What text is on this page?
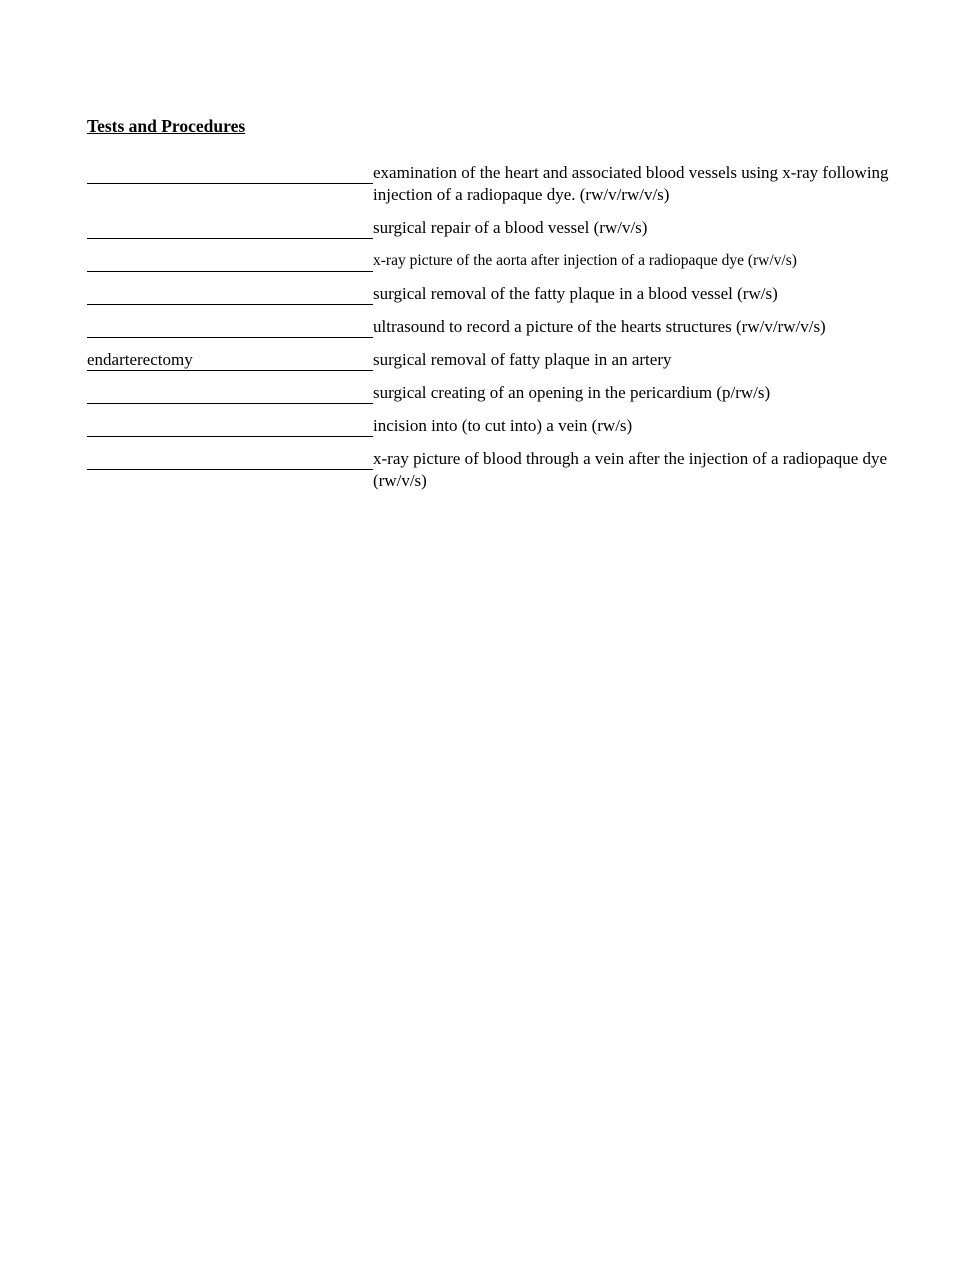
Tests and Procedures
examination of the heart and associated blood vessels using x-ray following injection of a radiopaque dye. (rw/v/rw/v/s)
surgical repair of a blood vessel (rw/v/s)
x-ray picture of the aorta after injection of a radiopaque dye (rw/v/s)
surgical removal of the fatty plaque in a blood vessel (rw/s)
ultrasound to record a picture of the hearts structures (rw/v/rw/v/s)
endarterectomy	surgical removal of fatty plaque in an artery
surgical creating of an opening in the pericardium (p/rw/s)
incision into (to cut into) a vein (rw/s)
x-ray picture of blood through a vein after the injection of a radiopaque dye (rw/v/s)
